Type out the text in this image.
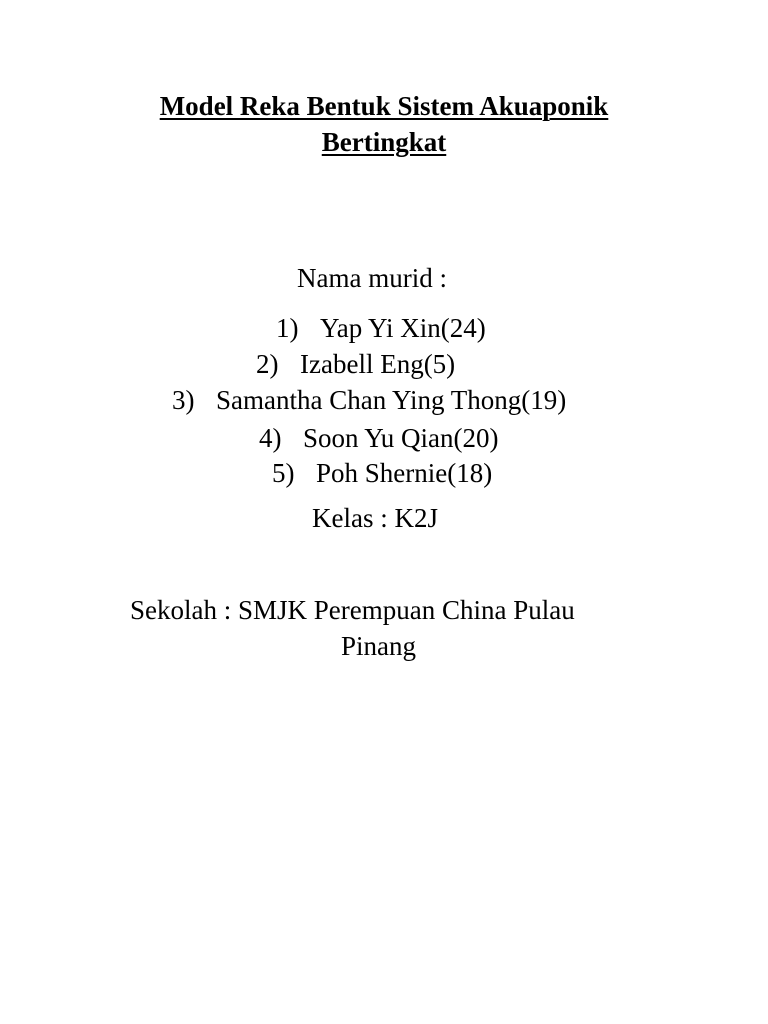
Model Reka Bentuk Sistem Akuaponik
Bertingkat
Nama murid :
1) Yap Yi Xin(24)
2) Izabell Eng(5)
3) Samantha Chan Ying Thong(19)
4) Soon Yu Qian(20)
5) Poh Shernie(18)
Kelas : K2J
Sekolah : SMJK Perempuan China Pulau
Pinang
